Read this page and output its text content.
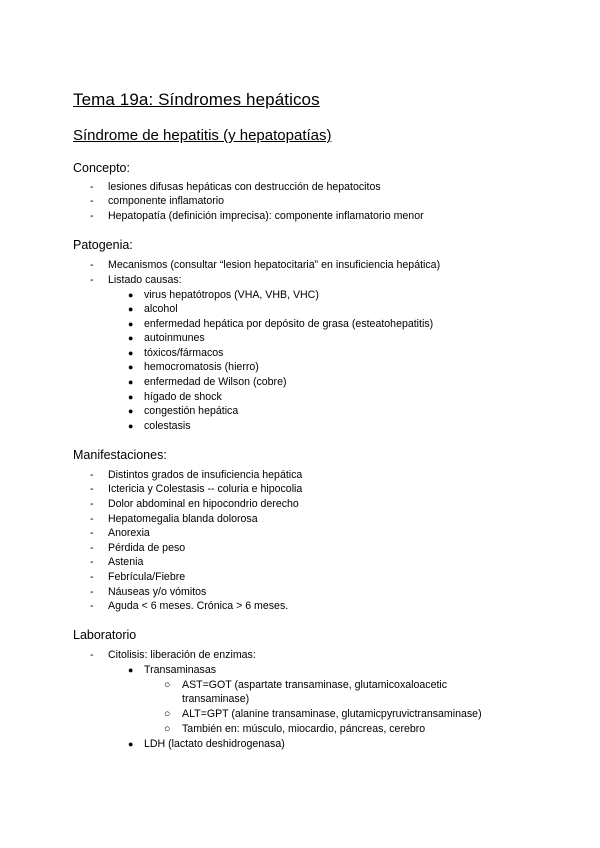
Tema 19a: Síndromes hepáticos
Síndrome de hepatitis (y hepatopatías)

Concepto:

- lesiones difusas hepáticas con destrucción de hepatocitos
- componente inflamatorio
- Hepatopatía (definición imprecisa): componente inflamatorio menor

Patogenia:

- Mecanismos (consultar “lesion hepatocitaria” en insuficiencia hepática)
- Listado causas:
● virus hepatótropos (VHA, VHB, VHC)
● alcohol
● enfermedad hepática por depósito de grasa (esteatohepatitis)
● autoinmunes
● tóxicos/fármacos
● hemocromatosis (hierro)
● enfermedad de Wilson (cobre)
● hígado de shock
● congestión hepática
● colestasis

Manifestaciones:

- Distintos grados de insuficiencia hepática
- Ictericia y Colestasis -- coluria e hipocolia
- Dolor abdominal en hipocondrio derecho
- Hepatomegalia blanda dolorosa
- Anorexia
- Pérdida de peso
- Astenia
- Febrícula/Fiebre
- Náuseas y/o vómitos
- Aguda < 6 meses. Crónica > 6 meses.

Laboratorio

- Citolisis: liberación de enzimas:
● Transaminasas
○ AST=GOT (aspartate transaminase, glutamicoxaloacetic
transaminase)
○ ALT=GPT (alanine transaminase, glutamicpyruvictransaminase)
○ También en: músculo, miocardio, páncreas, cerebro
● LDH (lactato deshidrogenasa)
